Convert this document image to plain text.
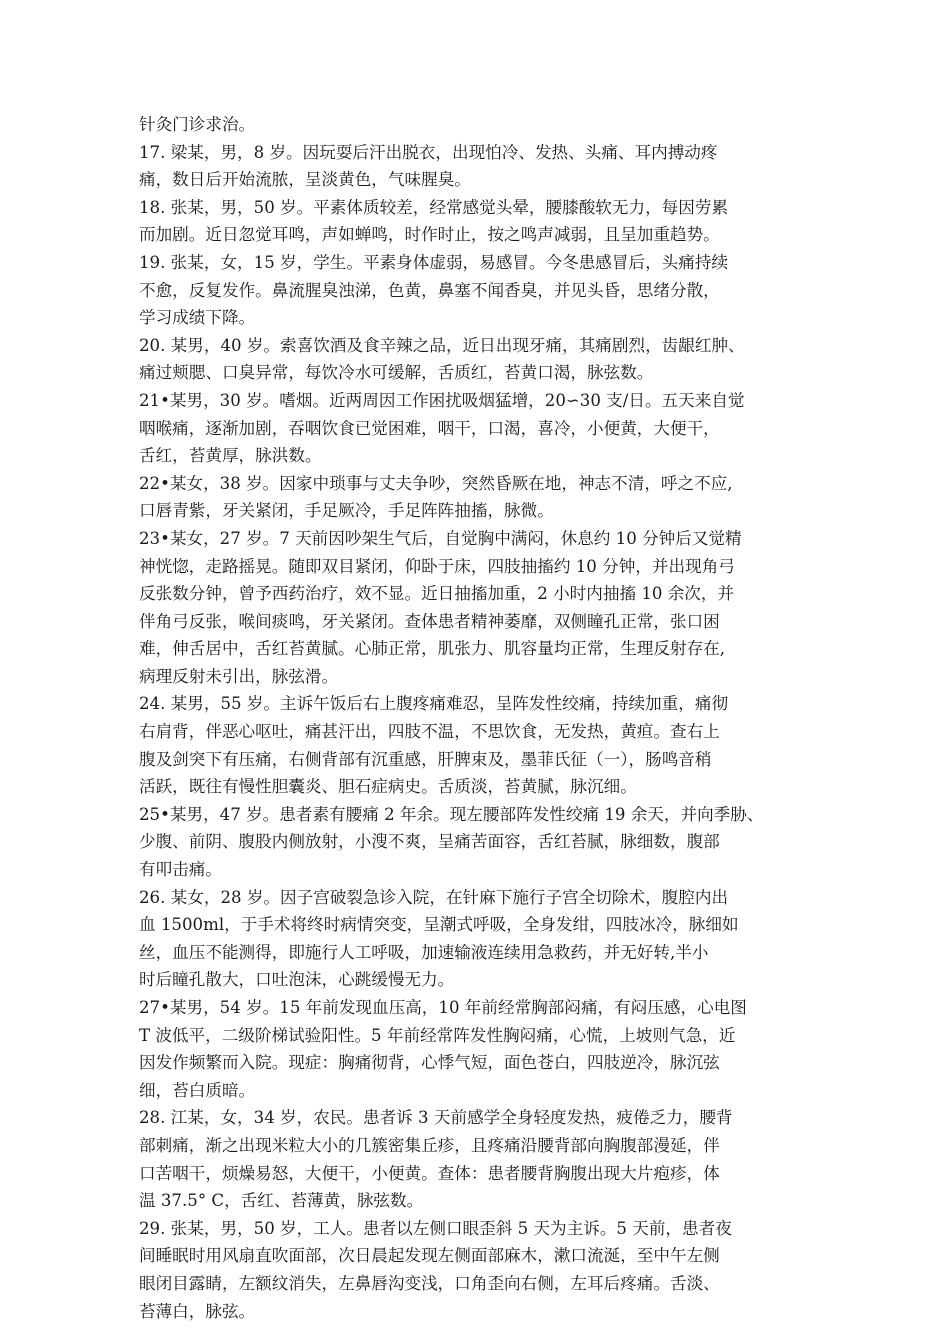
针灸门诊求治。
17. 梁某，男，8 岁。因玩耍后汗出脱衣，出现怕冷、发热、头痛、耳内搏动疼
痛，数日后开始流脓，呈淡黄色，气味腥臭。
18. 张某，男，50 岁。平素体质较差，经常感觉头晕，腰膝酸软无力，每因劳累
而加剧。近日忽觉耳鸣，声如蝉鸣，时作时止，按之鸣声减弱，且呈加重趋势。
19. 张某，女，15 岁，学生。平素身体虚弱，易感冒。今冬患感冒后，头痛持续
不愈，反复发作。鼻流腥臭浊涕，色黄，鼻塞不闻香臭，并见头昏，思绪分散，
学习成绩下降。
20. 某男，40 岁。索喜饮酒及食辛辣之品，近日出现牙痛，其痛剧烈，齿龈红肿、
痛过颊腮、口臭异常，每饮冷水可缓解，舌质红，苔黄口渴，脉弦数。
21•某男，30 岁。嗜烟。近两周因工作困扰吸烟猛增，20∽30 支/日。五天来自觉
咽喉痛，逐渐加剧，吞咽饮食已觉困难，咽干，口渴，喜冷，小便黄，大便干，
舌红，苔黄厚，脉洪数。
22•某女，38 岁。因家中琐事与丈夫争吵，突然昏厥在地，神志不清，呼之不应,
口唇青紫，牙关紧闭，手足厥冷，手足阵阵抽搐，脉微。
23•某女，27 岁。7 天前因吵架生气后，自觉胸中满闷，休息约 10 分钟后又觉精
神恍惚，走路摇晃。随即双目紧闭，仰卧于床，四肢抽搐约 10 分钟，并出现角弓
反张数分钟，曾予西药治疗，效不显。近日抽搐加重，2 小时内抽搐 10 余次，并
伴角弓反张，喉间痰鸣，牙关紧闭。查体患者精神萎靡，双侧瞳孔正常，张口困
难，伸舌居中，舌红苔黄腻。心肺正常，肌张力、肌容量均正常，生理反射存在,
病理反射未引出，脉弦滑。
24. 某男，55 岁。主诉午饭后右上腹疼痛难忍，呈阵发性绞痛，持续加重，痛彻
右肩背，伴恶心呕吐，痛甚汗出，四肢不温，不思饮食，无发热，黄疸。查右上
腹及剑突下有压痛，右侧背部有沉重感，肝脾束及，墨菲氏征（一），肠鸣音稍
活跃，既往有慢性胆囊炎、胆石症病史。舌质淡，苔黄腻，脉沉细。
25•某男，47 岁。患者素有腰痛 2 年余。现左腰部阵发性绞痛 19 余天，并向季胁、
少腹、前阴、腹股内侧放射，小溲不爽，呈痛苦面容，舌红苔腻，脉细数，腹部
有叩击痛。
26. 某女，28 岁。因子宫破裂急诊入院，在针麻下施行子宫全切除术，腹腔内出
血 1500ml，于手术将终时病情突变，呈潮式呼吸，全身发绀，四肢冰冷，脉细如
丝，血压不能测得，即施行人工呼吸，加速输液连续用急救药，并无好转,半小
时后瞳孔散大，口吐泡沫，心跳缓慢无力。
27•某男，54 岁。15 年前发现血压高，10 年前经常胸部闷痛，有闷压感，心电图
T 波低平，二级阶梯试验阳性。5 年前经常阵发性胸闷痛，心慌，上坡则气急，近
因发作频繁而入院。现症：胸痛彻背，心悸气短，面色苍白，四肢逆冷，脉沉弦
细，苔白质暗。
28. 江某，女，34 岁，农民。患者诉 3 天前感学全身轻度发热，疲倦乏力，腰背
部刺痛，渐之出现米粒大小的几簇密集丘疹，且疼痛沿腰背部向胸腹部漫延，伴
口苦咽干，烦燥易怒，大便干，小便黄。查体：患者腰背胸腹出现大片疱疹，体
温 37.5° C，舌红、苔薄黄，脉弦数。
29. 张某，男，50 岁，工人。患者以左侧口眼歪斜 5 天为主诉。5 天前，患者夜
间睡眠时用风扇直吹面部，次日晨起发现左侧面部麻木，漱口流涎，至中午左侧
眼闭目露睛，左额纹消失，左鼻唇沟变浅，口角歪向右侧，左耳后疼痛。舌淡、
苔薄白，脉弦。
